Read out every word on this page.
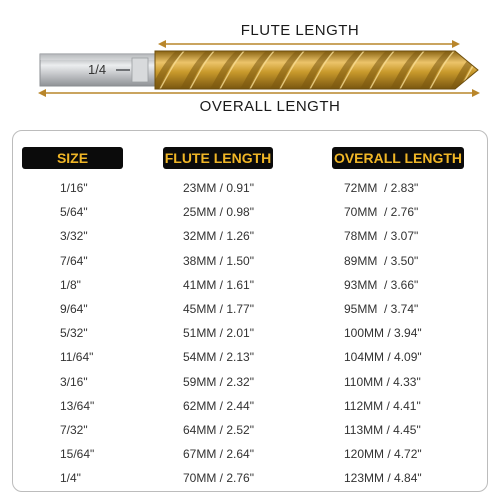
FLUTE LENGTH
1/4
OVERALL LENGTH
SIZE	FLUTE LENGTH	OVERALL LENGTH
1/16"	23MM / 0.91"	72MM  / 2.83"
5/64"	25MM / 0.98"	70MM  / 2.76"
3/32"	32MM / 1.26"	78MM  / 3.07"
7/64"	38MM / 1.50"	89MM  / 3.50"
1/8"	41MM / 1.61"	93MM  / 3.66"
9/64"	45MM / 1.77"	95MM  / 3.74"
5/32"	51MM / 2.01"	100MM / 3.94"
11/64"	54MM / 2.13"	104MM / 4.09"
3/16"	59MM / 2.32"	110MM / 4.33"
13/64"	62MM / 2.44"	112MM / 4.41"
7/32"	64MM / 2.52"	113MM / 4.45"
15/64"	67MM / 2.64"	120MM / 4.72"
1/4"	70MM / 2.76"	123MM / 4.84"
